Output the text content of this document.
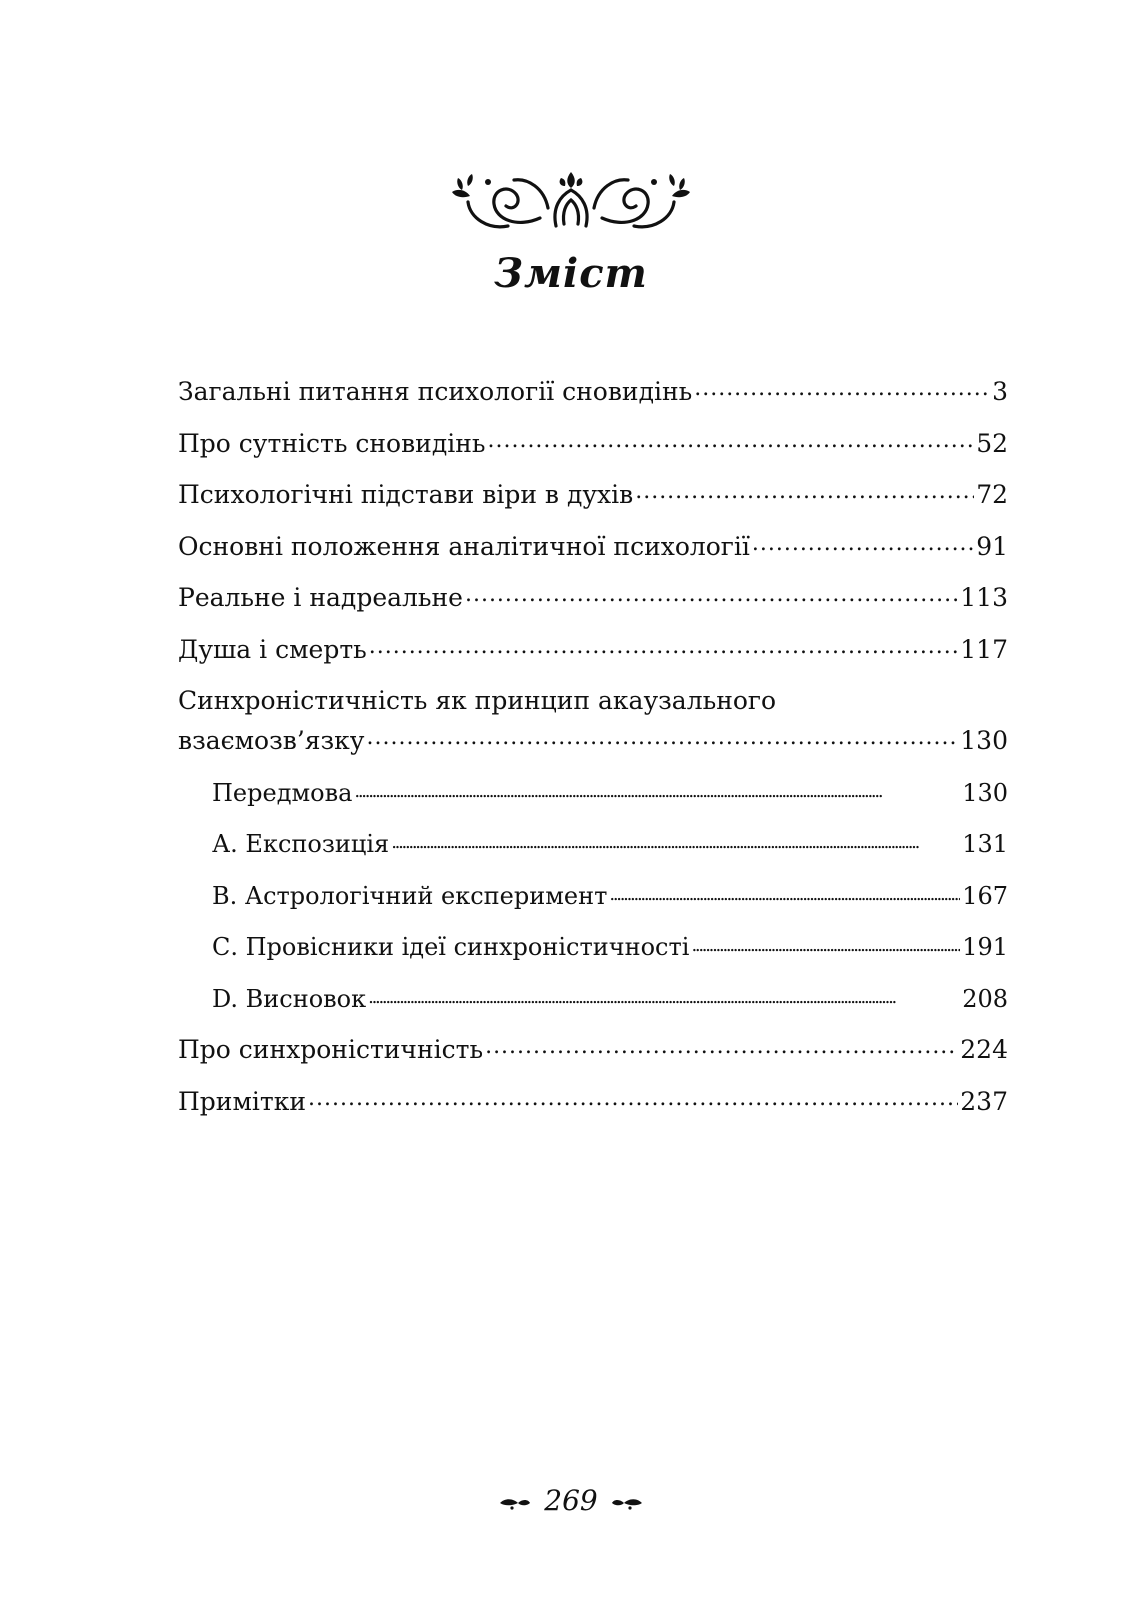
Зміст
Загальні питання психології сновидінь . . .	3
Про сутність сновидінь . . .	52
Психологічні підстави віри в духів . . .	72
Основні положення аналітичної психології . . .	91
Реальне і надреальне . . .	113
Душа і смерть . . .	117
Синхроністичність як принцип акаузального
взаємозв’язку . . .	130
Передмова . . .	130
А. Експозиція . . .	131
В. Астрологічний експеримент . . .	167
С. Провісники ідеї синхроністичності . . .	191
D. Висновок . . .	208
Про синхроністичність . . .	224
Примітки . . .	237
269
